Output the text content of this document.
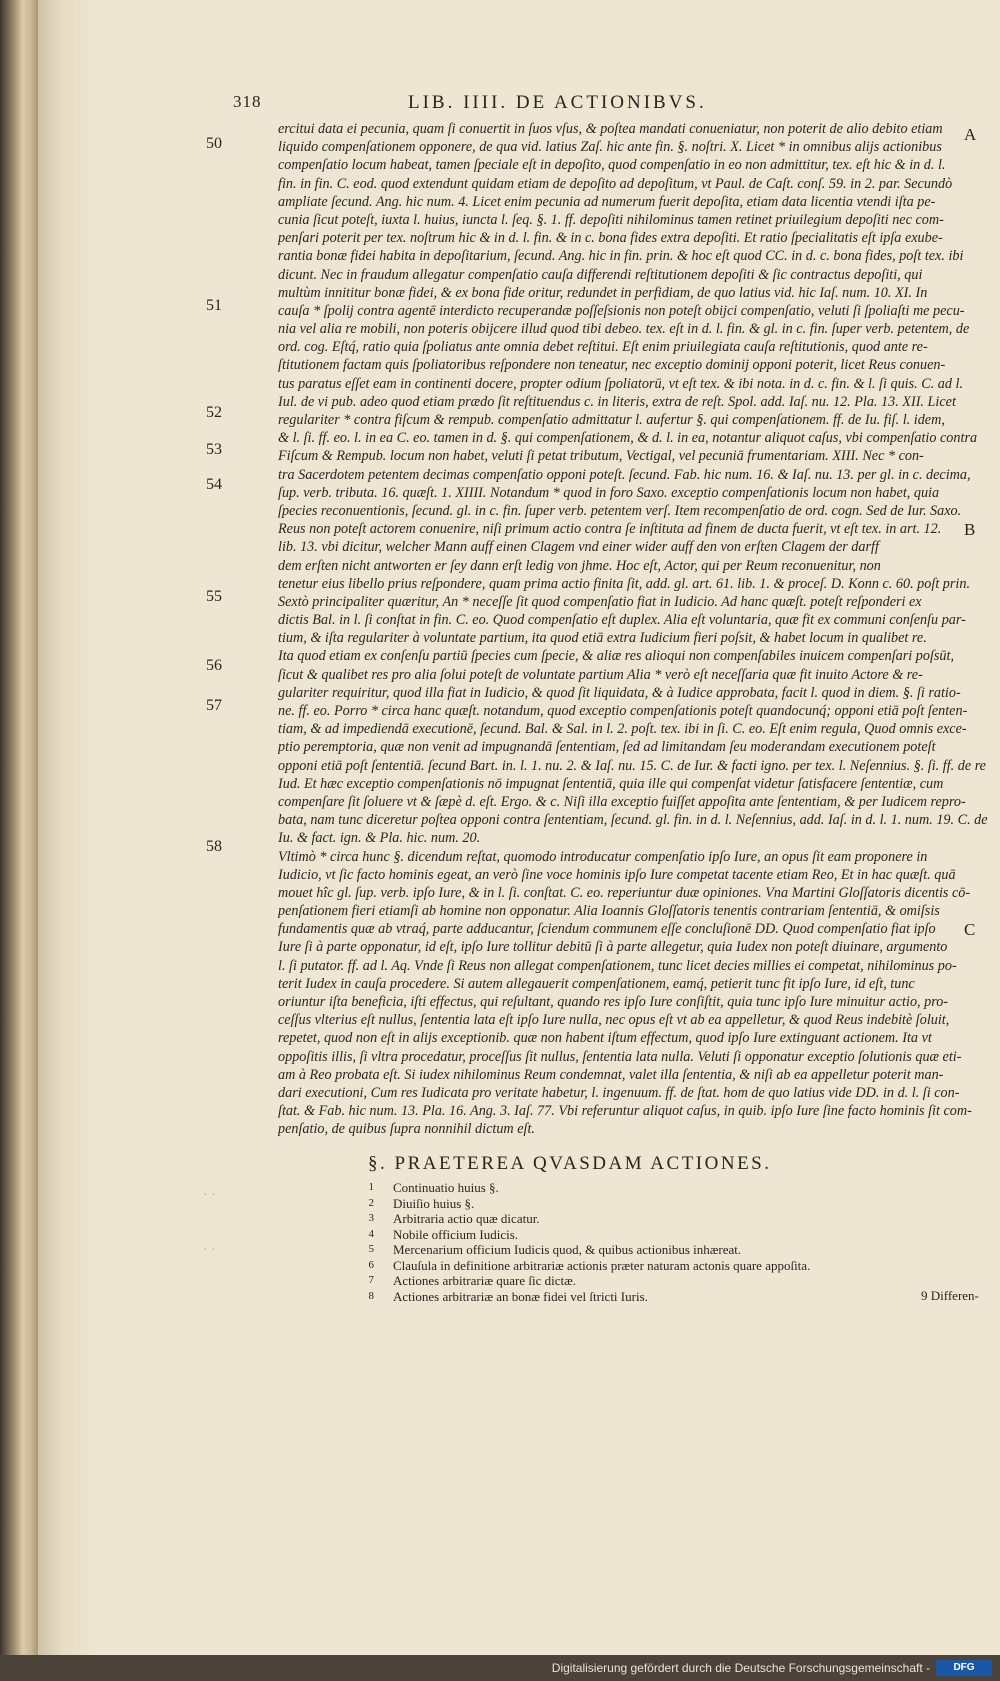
318	LIB. IIII. DE ACTIONIBVS.
ercitui data ei pecunia, quam ſi conuertit in ſuos vſus, & poſtea mandati conueniatur, non poterit de alio debito etiam
liquido compenſationem opponere, de qua vid. latius Zaſ. hic ante fin. §. noſtri. X. Licet * in omnibus alijs actionibus
compenſatio locum habeat, tamen ſpeciale eſt in depoſito, quod compenſatio in eo non admittitur, tex. eſt hic & in d. l.
fin. in fin. C. eod. quod extendunt quidam etiam de depoſito ad depoſitum, vt Paul. de Caſt. conſ. 59. in 2. par. Secundò
ampliate ſecund. Ang. hic num. 4. Licet enim pecunia ad numerum fuerit depoſita, etiam data licentia vtendi iſta pe-
cunia ſicut poteſt, iuxta l. huius, iuncta l. ſeq. §. 1. ff. depoſiti nihilominus tamen retinet priuilegium depoſiti nec com-
penſari poterit per tex. noſtrum hic & in d. l. fin. & in c. bona fides extra depoſiti. Et ratio ſpecialitatis eſt ipſa exube-
rantia bonæ fidei habita in depoſitarium, ſecund. Ang. hic in fin. prin. & hoc eſt quod CC. in d. c. bona fides, poſt tex. ibi
dicunt. Nec in fraudum allegatur compenſatio cauſa differendi reſtitutionem depoſiti & ſic contractus depoſiti, qui
multùm innititur bonæ fidei, & ex bona fide oritur, redundet in perfidiam, de quo latius vid. hic Iaſ. num. 10. XI. In
cauſa * ſpolij contra agentē interdicto recuperandæ poſſeſsionis non poteſt obijci compenſatio, veluti ſi ſpoliaſti me pecu-
nia vel alia re mobili, non poteris obijcere illud quod tibi debeo. tex. eſt in d. l. fin. & gl. in c. fin. ſuper verb. petentem, de
ord. cog. Eſtq́, ratio quia ſpoliatus ante omnia debet reſtitui. Eſt enim priuilegiata cauſa reſtitutionis, quod ante re-
ſtitutionem factam quis ſpoliatoribus reſpondere non teneatur, nec exceptio dominij opponi poterit, licet Reus conuen-
tus paratus eſſet eam in continenti docere, propter odium ſpoliatorū, vt eſt tex. & ibi nota. in d. c. fin. & l. ſi quis. C. ad l.
Iul. de vi pub. adeo quod etiam prædo ſit reſtituendus c. in literis, extra de reſt. Spol. add. Iaſ. nu. 12. Pla. 13. XII. Licet
regulariter * contra fiſcum & rempub. compenſatio admittatur l. aufertur §. qui compenſationem. ff. de Iu. fiſ. l. idem,
& l. ſi. ff. eo. l. in ea C. eo. tamen in d. §. qui compenſationem, & d. l. in ea, notantur aliquot caſus, vbi compenſatio contra
Fiſcum & Rempub. locum non habet, veluti ſi petat tributum, Vectigal, vel pecuniā frumentariam. XIII. Nec * con-
tra Sacerdotem petentem decimas compenſatio opponi poteſt. ſecund. Fab. hic num. 16. & Iaſ. nu. 13. per gl. in c. decima,
ſup. verb. tributa. 16. quæſt. 1. XIIII. Notandum * quod in foro Saxo. exceptio compenſationis locum non habet, quia
ſpecies reconuentionis, ſecund. gl. in c. fin. ſuper verb. petentem verſ. Item recompenſatio de ord. cogn. Sed de Iur. Saxo.
Reus non poteſt actorem conuenire, niſi primum actio contra ſe inſtituta ad finem de ducta fuerit, vt eſt tex. in art. 12.
lib. 13. vbi dicitur, welcher Mann auff einen Clageт vnd einer wider auff den von erſten Clageт der darff
dem erſten nicht antworten er ſey dann erſt ledig von jhme. Hoc eſt, Actor, qui per Reum reconuenitur, non
tenetur eius libello prius reſpondere, quam prima actio finita ſit, add. gl. art. 61. lib. 1. & proceſ. D. Konn c. 60. poſt prin.
Sextò principaliter quæritur, An * neceſſe ſit quod compenſatio fiat in Iudicio. Ad hanc quæſt. poteſt reſponderi ex
dictis Bal. in l. ſi conſtat in fin. C. eo. Quod compenſatio eſt duplex. Alia eſt voluntaria, quæ fit ex communi conſenſu par-
tium, & iſta regulariter à voluntate partium, ita quod etiā extra Iudicium fieri poſsit, & habet locum in qualibet re.
Ita quod etiam ex conſenſu partiū ſpecies cum ſpecie, & aliæ res alioqui non compenſabiles inuicem compenſari poſsūt,
ſicut & qualibet res pro alia ſolui poteſt de voluntate partium Alia * verò eſt neceſſaria quæ fit inuito Actore & re-
gulariter requiritur, quod illa fiat in Iudicio, & quod ſit liquidata, & à Iudice approbata, facit l. quod in diem. §. ſi ratio-
ne. ff. eo. Porro * circa hanc quæſt. notandum, quod exceptio compenſationis poteſt quandocunq́; opponi etiā poſt ſenten-
tiam, & ad impediendā executionē, ſecund. Bal. & Sal. in l. 2. poſt. tex. ibi in ſi. C. eo. Eſt enim regula, Quod omnis exce-
ptio peremptoria, quæ non venit ad impugnandā ſententiam, ſed ad limitandam ſeu moderandam executionem poteſt
opponi etiā poſt ſententiā. ſecund Bart. in. l. 1. nu. 2. & Iaſ. nu. 15. C. de Iur. & facti igno. per tex. l. Neſennius. §. ſi. ff. de re
Iud. Et hæc exceptio compenſationis nō impugnat ſententiā, quia ille qui compenſat videtur ſatisfacere ſententiæ, cum
compenſare ſit ſoluere vt & ſæpè d. eſt. Ergo. & c. Niſi illa exceptio fuiſſet appoſita ante ſententiam, & per Iudicem repro-
bata, nam tunc diceretur poſtea opponi contra ſententiam, ſecund. gl. fin. in d. l. Neſennius, add. Iaſ. in d. l. 1. num. 19. C. de
Iu. & fact. ign. & Pla. hic. num. 20.
Vltimò * circa hunc §. dicendum reſtat, quomodo introducatur compenſatio ipſo Iure, an opus ſit eam proponere in
Iudicio, vt ſic facto hominis egeat, an verò ſine voce hominis ipſo Iure competat tacente etiam Reo, Et in hac quæſt. quā
mouet hîc gl. ſup. verb. ipſo Iure, & in l. ſi. conſtat. C. eo. reperiuntur duæ opiniones. Vna Martini Gloſſatoris dicentis cō-
penſationem fieri etiamſi ab homine non opponatur. Alia Ioannis Gloſſatoris tenentis contrariam ſententiā, & omiſsis
fundamentis quæ ab vtraq́, parte adducantur, ſciendum communem eſſe concluſionē DD. Quod compenſatio fiat ipſo
Iure ſi à parte opponatur, id eſt, ipſo Iure tollitur debitū ſi à parte allegetur, quia Iudex non poteſt diuinare, argumento
l. ſi putator. ff. ad l. Aq. Vnde ſi Reus non allegat compenſationem, tunc licet decies millies ei competat, nihilominus po-
terit Iudex in cauſa procedere. Si autem allegauerit compenſationem, eamq́, petierit tunc fit ipſo Iure, id eſt, tunc
oriuntur iſta beneficia, iſti effectus, qui reſultant, quando res ipſo Iure conſiſtit, quia tunc ipſo Iure minuitur actio, pro-
ceſſus vlterius eſt nullus, ſententia lata eſt ipſo Iure nulla, nec opus eſt vt ab ea appelletur, & quod Reus indebitè ſoluit,
repetet, quod non eſt in alijs exceptionib. quæ non habent iſtum effectum, quod ipſo Iure extinguant actionem. Ita vt
oppoſitis illis, ſi vltra procedatur, proceſſus ſit nullus, ſententia lata nulla. Veluti ſi opponatur exceptio ſolutionis quæ eti-
am à Reo probata eſt. Si iudex nihilominus Reum condemnat, valet illa ſententia, & niſi ab ea appelletur poterit man-
dari executioni, Cum res Iudicata pro veritate habetur, l. ingenuum. ff. de ſtat. hom de quo latius vide DD. in d. l. ſi con-
ſtat. & Fab. hic num. 13. Pla. 16. Ang. 3. Iaſ. 77. Vbi referuntur aliquot caſus, in quib. ipſo Iure ſine facto hominis ſit com-
penſatio, de quibus ſupra nonnihil dictum eſt.
50
51
52
53
54
55
56
57
58
A
B
C
· ·
· ·
§. PRAETEREA QVASDAM ACTIONES.
1 Continuatio huius §.
2 Diuiſio huius §.
3 Arbitraria actio quæ dicatur.
4 Nobile officium Iudicis.
5 Mercenarium officium Iudicis quod, & quibus actionibus inhæreat.
6 Clauſula in definitione arbitrariæ actionis præter naturam actonis quare appoſita.
7 Actiones arbitrariæ quare ſic dictæ.
8 Actiones arbitrariæ an bonæ fidei vel ſtricti Iuris.	9 Differen-
Digitalisierung gefördert durch die Deutsche Forschungsgemeinschaft -	DFG
